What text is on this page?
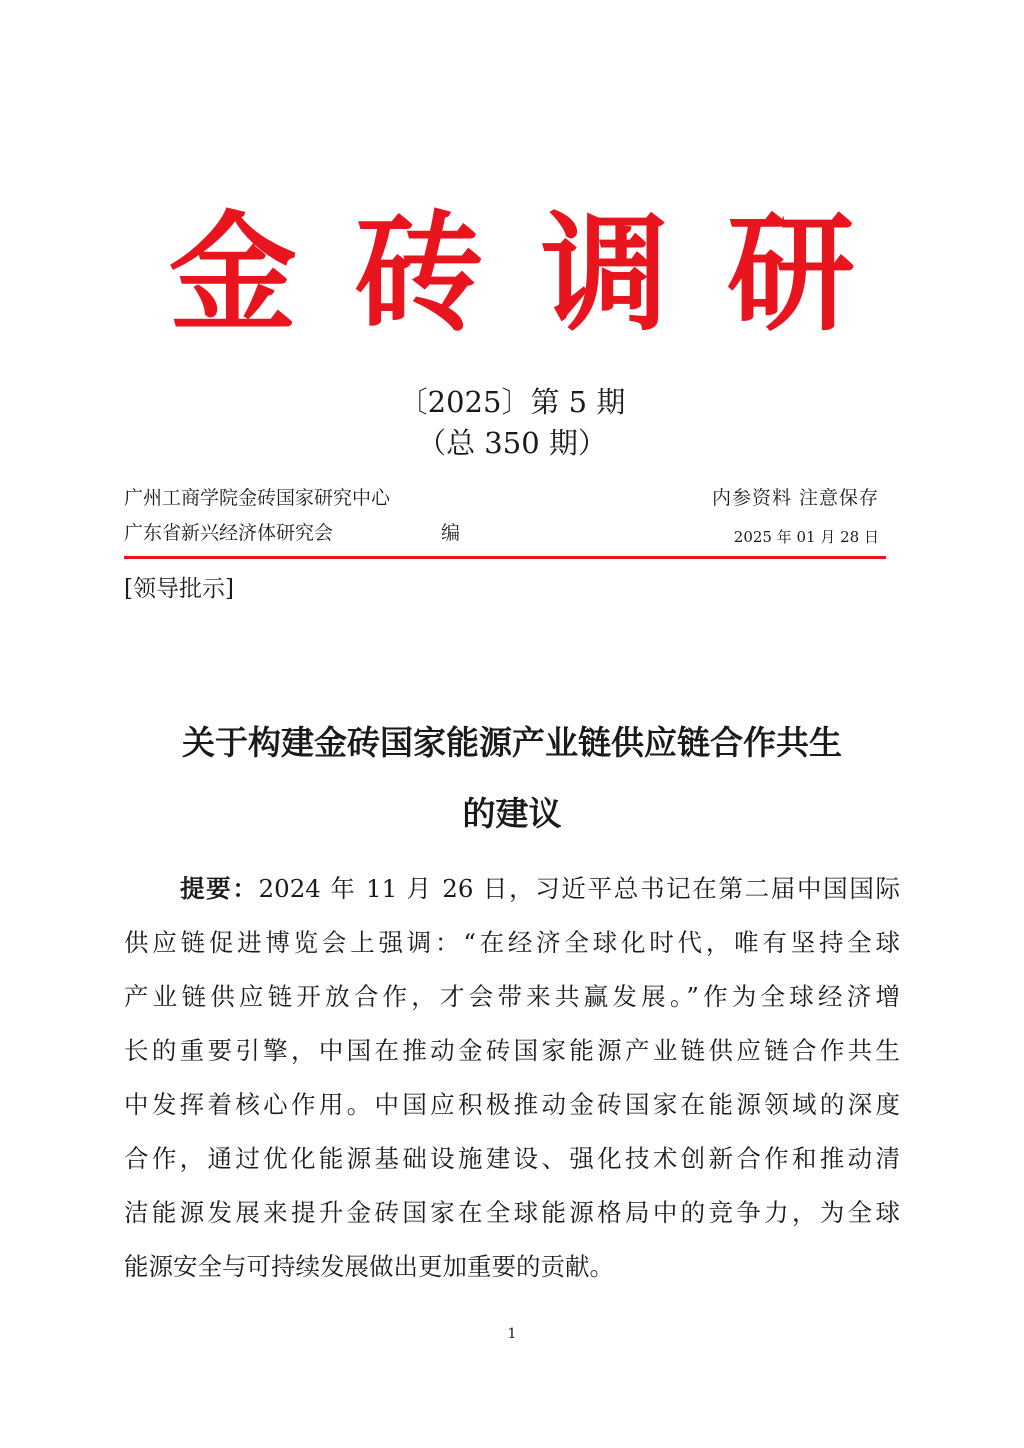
金砖调研
〔2025〕第 5 期
（总 350 期）
广州工商学院金砖国家研究中心
广东省新兴经济体研究会	编
内参资料 注意保存
2025 年 01 月 28 日
[领导批示]
关于构建金砖国家能源产业链供应链合作共生
的建议
提要：2024 年 11 月 26 日，习近平总书记在第二届中国国际
供应链促进博览会上强调：“在经济全球化时代，唯有坚持全球
产业链供应链开放合作，才会带来共赢发展。”作为全球经济增
长的重要引擎，中国在推动金砖国家能源产业链供应链合作共生
中发挥着核心作用。中国应积极推动金砖国家在能源领域的深度
合作，通过优化能源基础设施建设、强化技术创新合作和推动清
洁能源发展来提升金砖国家在全球能源格局中的竞争力，为全球
能源安全与可持续发展做出更加重要的贡献。
1
